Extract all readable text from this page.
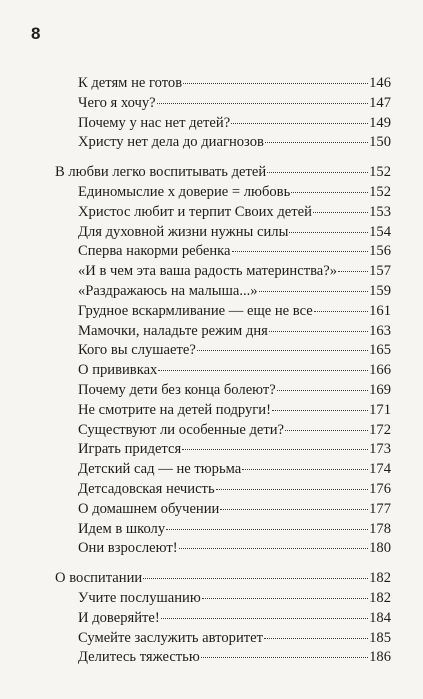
8
К детям не готов	146
Чего я хочу?	147
Почему у нас нет детей?	149
Христу нет дела до диагнозов	150
В любви легко воспитывать детей	152
Единомыслие x доверие = любовь	152
Христос любит и терпит Своих детей	153
Для духовной жизни нужны силы	154
Сперва накорми ребенка	156
«И в чем эта ваша радость материнства?» 157
«Раздражаюсь на малыша...»	159
Грудное вскармливание — еще не все	161
Мамочки, наладьте режим дня	163
Кого вы слушаете?	165
О прививках	166
Почему дети без конца болеют?	169
Не смотрите на детей подруги!	171
Существуют ли особенные дети?	172
Играть придется	173
Детский сад — не тюрьма	174
Детсадовская нечисть	176
О домашнем обучении	177
Идем в школу	178
Они взрослеют!	180
О воспитании	182
Учите послушанию	182
И доверяйте!	184
Сумейте заслужить авторитет	185
Делитесь тяжестью	186
